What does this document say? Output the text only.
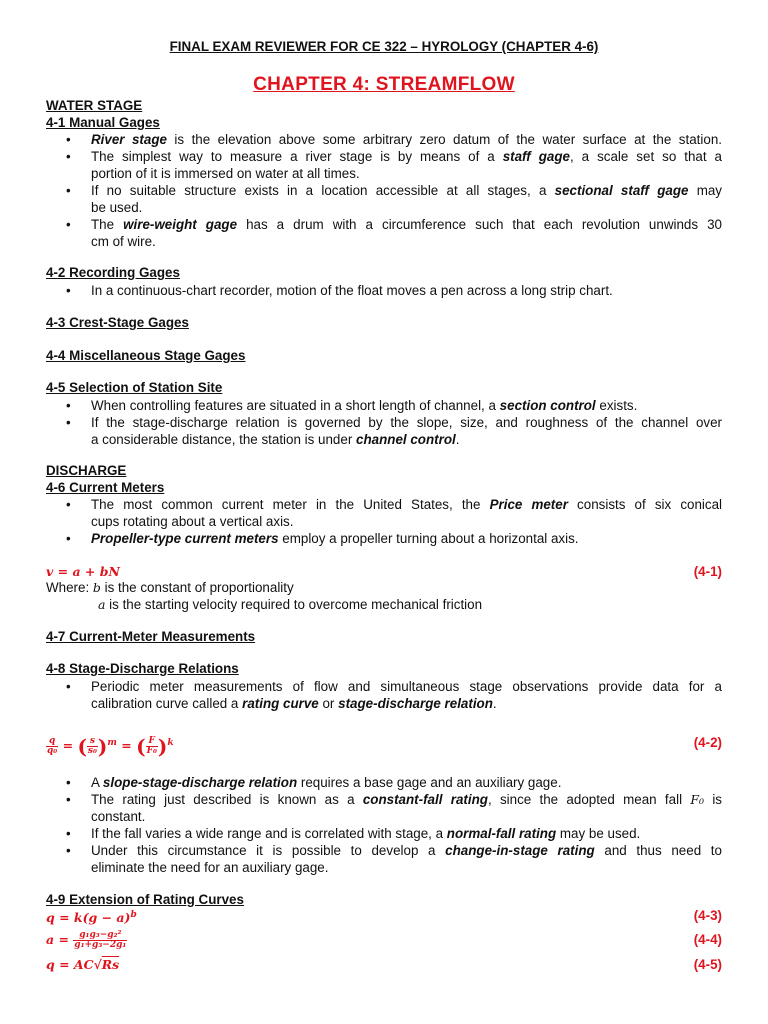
FINAL EXAM REVIEWER FOR CE 322 – HYROLOGY (CHAPTER 4-6)
CHAPTER 4: STREAMFLOW
WATER STAGE
4-1 Manual Gages
• River stage is the elevation above some arbitrary zero datum of the water surface at the station.
• The simplest way to measure a river stage is by means of a staff gage, a scale set so that a
portion of it is immersed on water at all times.
• If no suitable structure exists in a location accessible at all stages, a sectional staff gage may
be used.
• The wire-weight gage has a drum with a circumference such that each revolution unwinds 30
cm of wire.
4-2 Recording Gages
• In a continuous-chart recorder, motion of the float moves a pen across a long strip chart.
4-3 Crest-Stage Gages
4-4 Miscellaneous Stage Gages
4-5 Selection of Station Site
• When controlling features are situated in a short length of channel, a section control exists.
• If the stage-discharge relation is governed by the slope, size, and roughness of the channel over
a considerable distance, the station is under channel control.
DISCHARGE
4-6 Current Meters
• The most common current meter in the United States, the Price meter consists of six conical
cups rotating about a vertical axis.
• Propeller-type current meters employ a propeller turning about a horizontal axis.
v = a + bN	(4-1)
Where: b is the constant of proportionality
a is the starting velocity required to overcome mechanical friction
4-7 Current-Meter Measurements
4-8 Stage-Discharge Relations
• Periodic meter measurements of flow and simultaneous stage observations provide data for a
calibration curve called a rating curve or stage-discharge relation.
$\frac{q}{\text{q₀}}$ = ( $\frac{s}{\text{s₀}} )^m$ = ( $\frac{F}{\text{F₀}} )^k$	(4-2)
• A slope-stage-discharge relation requires a base gage and an auxiliary gage.
• The rating just described is known as a constant-fall rating, since the adopted mean fall F₀ is
constant.
• If the fall varies a wide range and is correlated with stage, a normal-fall rating may be used.
• Under this circumstance it is possible to develop a change-in-stage rating and thus need to
eliminate the need for an auxiliary gage.
4-9 Extension of Rating Curves
$q = k(g - a)^b$	(4-3)
$a = \frac{\text{g₁g₃−g₂²}}{\text{g₁+g₃−2g₁}}$	(4-4)
q = AC√Rs	(4-5)
